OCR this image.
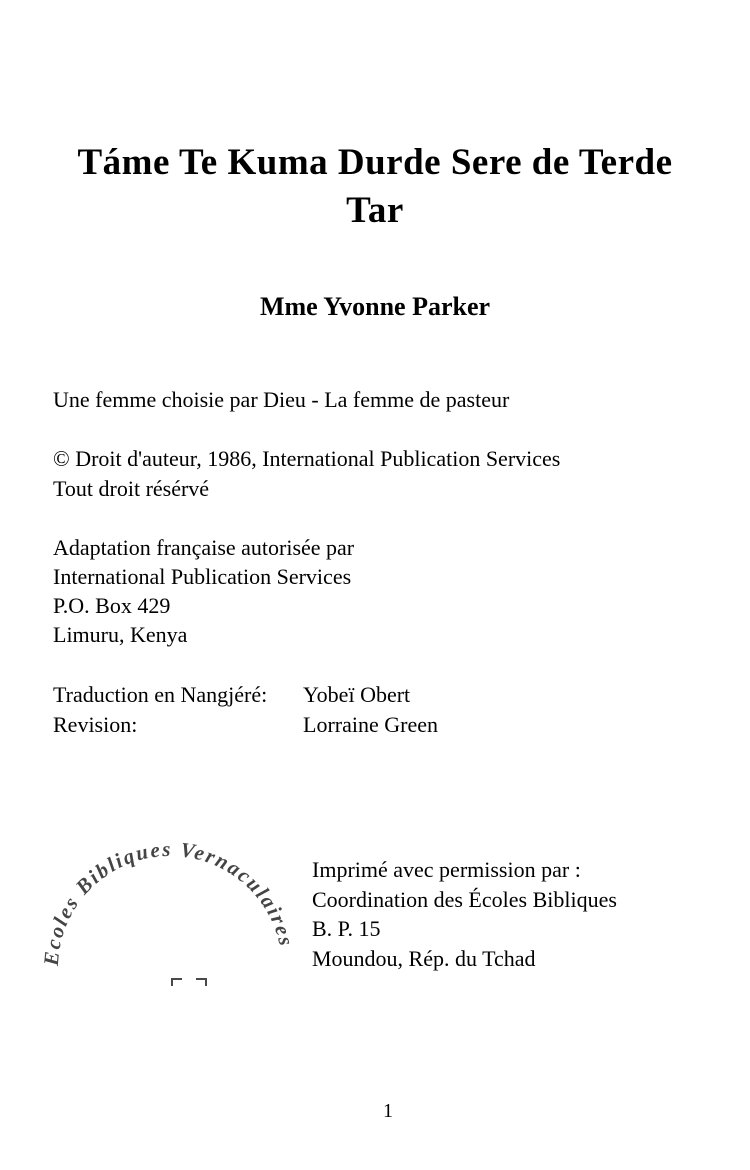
Táme Te Kuma Durde Sere de Terde
Tar
Mme Yvonne Parker
Une femme choisie par Dieu - La femme de pasteur
© Droit d'auteur, 1986, International Publication Services
Tout droit résérvé
Adaptation française autorisée par
International Publication Services
P.O. Box 429
Limuru, Kenya
Traduction en Nangjéré:	Yobeï Obert
Revision:	Lorraine Green
Ecoles Bibliques Vernaculaires
Imprimé avec permission par :
Coordination des Écoles Bibliques
B. P. 15
Moundou, Rép. du Tchad
1
